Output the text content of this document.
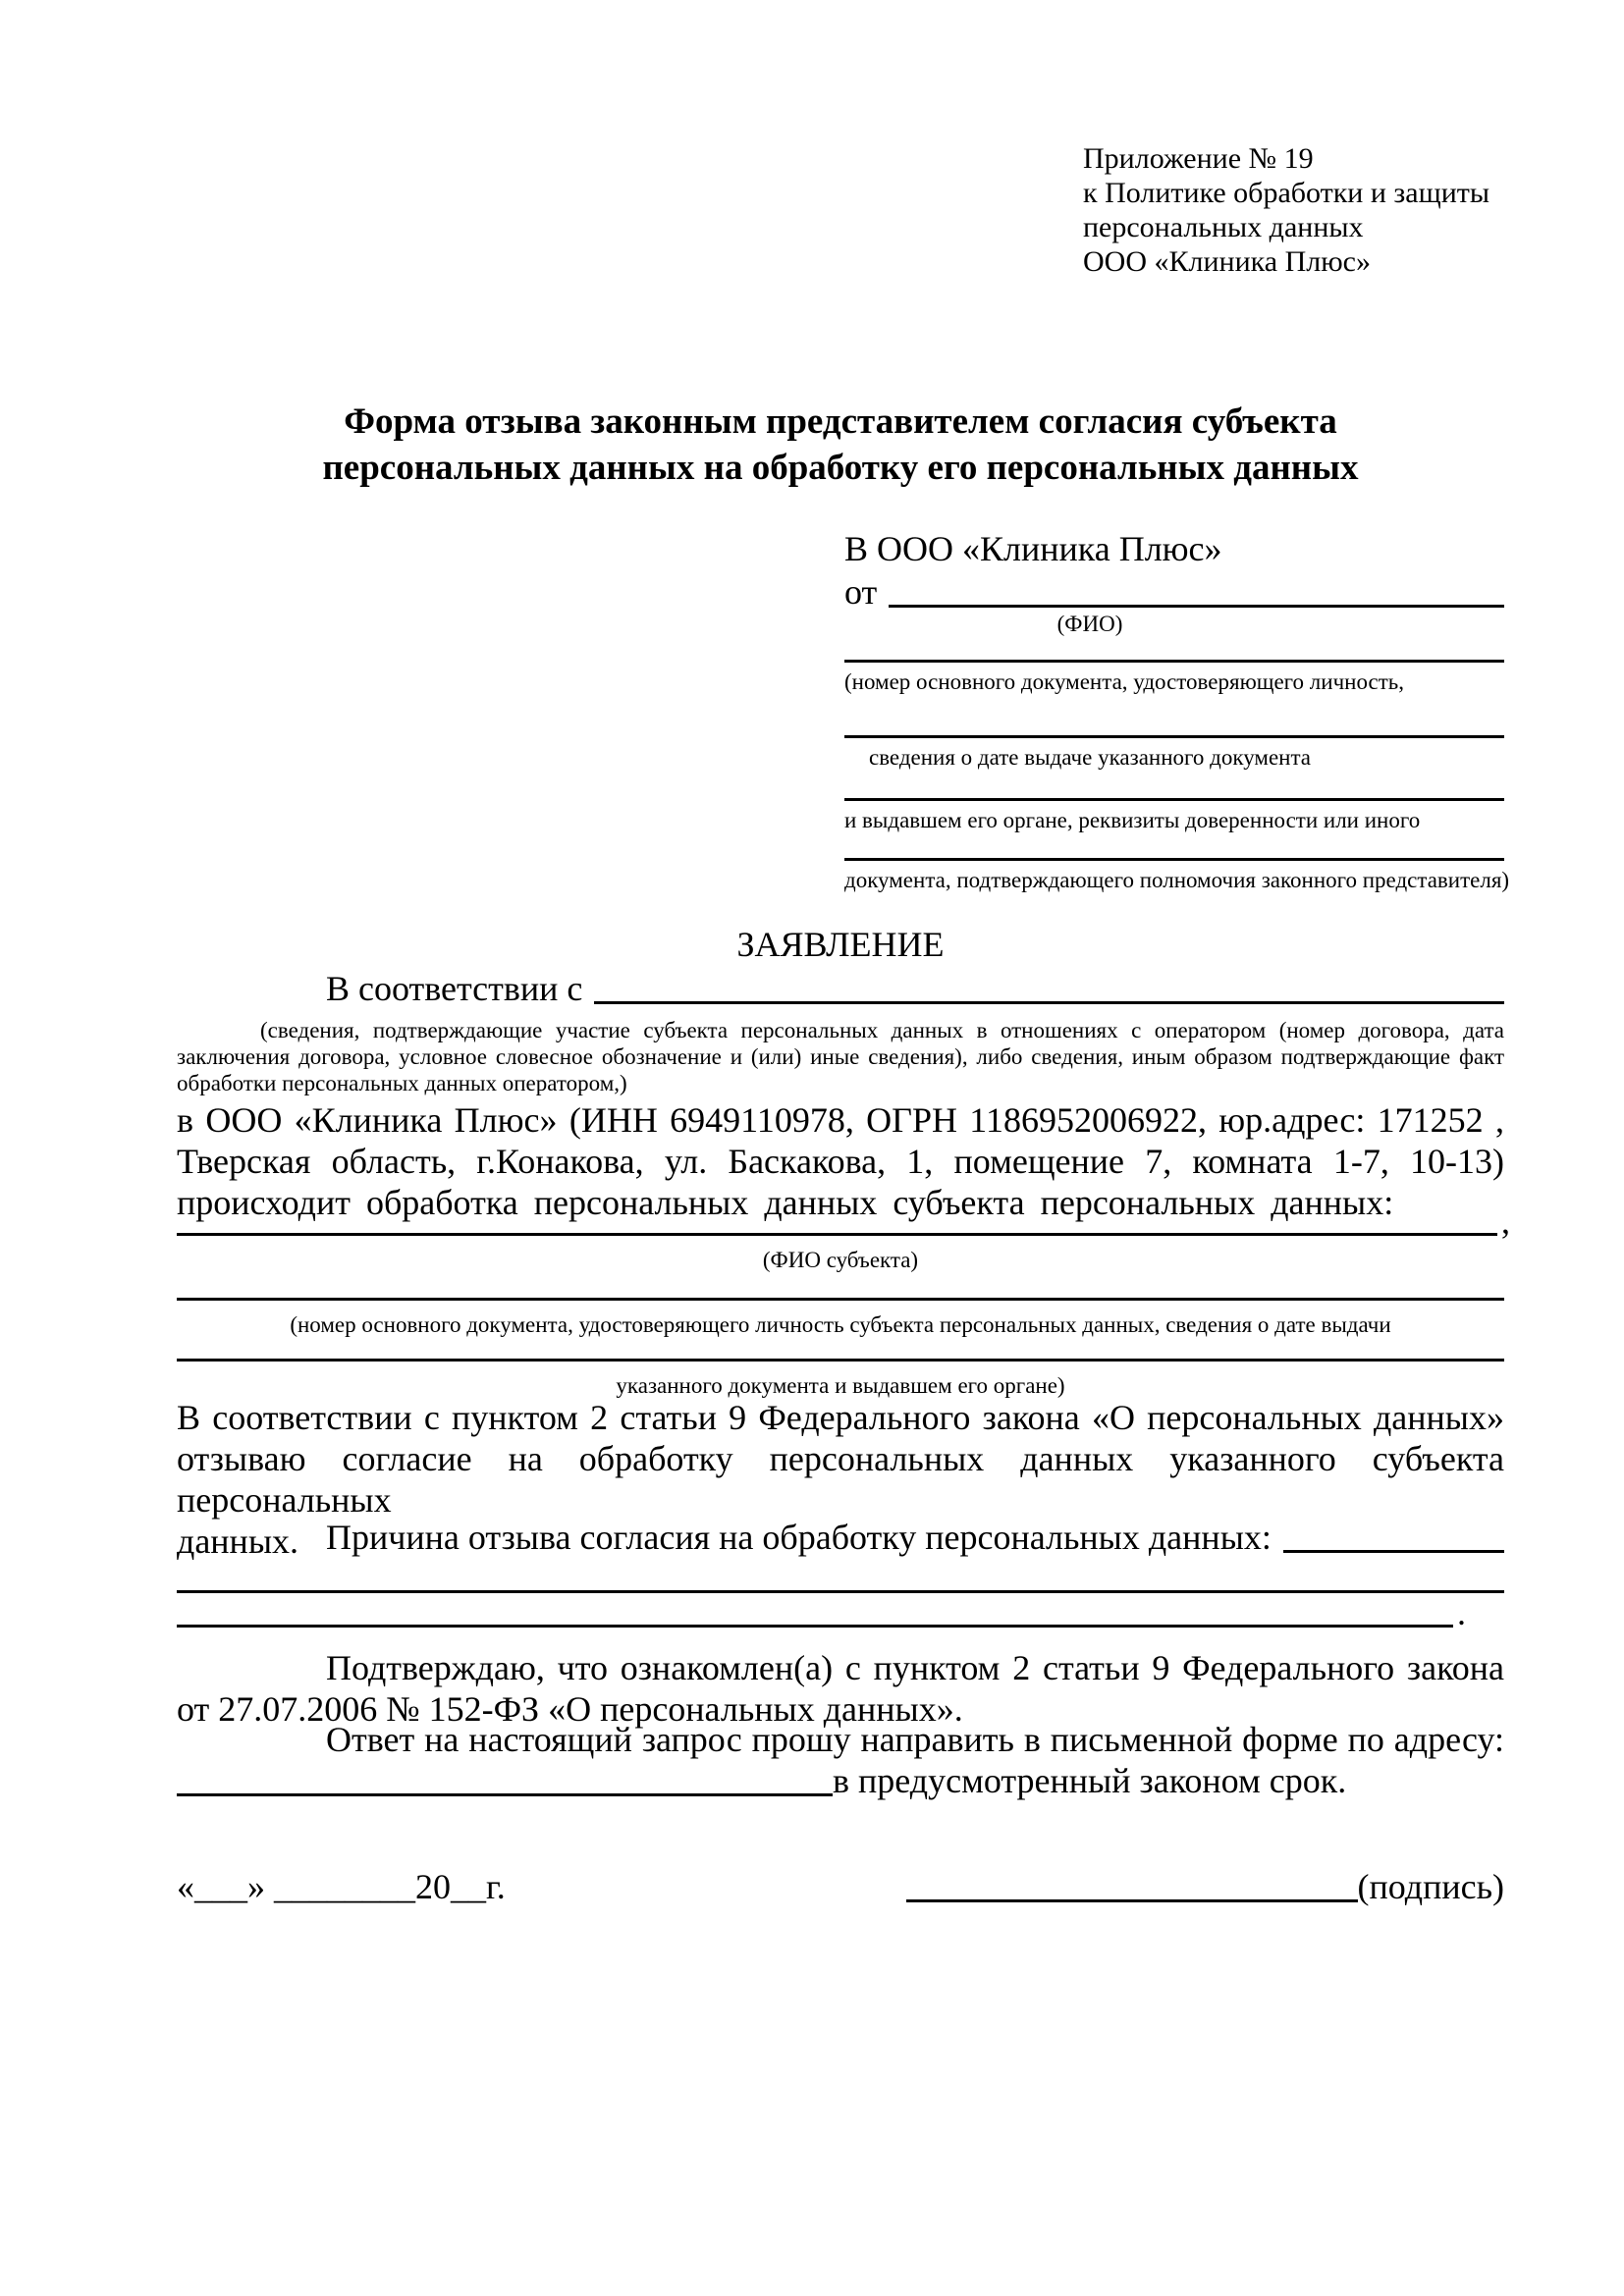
Приложение № 19
к Политике обработки и защиты
персональных данных
ООО «Клиника Плюс»
Форма отзыва законным представителем согласия субъекта
персональных данных на обработку его персональных данных
В ООО «Клиника Плюс»
от
(ФИО)
(номер основного документа, удостоверяющего личность,
сведения о дате выдаче указанного документа
и выдавшем его органе, реквизиты доверенности или иного
документа, подтверждающего полномочия законного представителя)
ЗАЯВЛЕНИЕ
В соответствии с
(сведения, подтверждающие участие субъекта персональных данных в отношениях с оператором (номер договора, дата
заключения договора, условное словесное обозначение и (или) иные сведения), либо сведения, иным образом подтверждающие факт
обработки персональных данных оператором,)
в ООО «Клиника Плюс» (ИНН 6949110978, ОГРН 1186952006922, юр.адрес: 171252 ,
Тверская область, г.Конакова, ул. Баскакова, 1, помещение 7, комната 1-7, 10-13)
происходит обработка персональных данных субъекта персональных данных:	,
(ФИО субъекта)
(номер основного документа, удостоверяющего личность субъекта персональных данных, сведения о дате выдачи
указанного документа и выдавшем его органе)
В соответствии с пунктом 2 статьи 9 Федерального закона «О персональных данных»
отзываю согласие на обработку персональных данных указанного субъекта персональных
данных. Причина отзыва согласия на обработку персональных данных:
.
Подтверждаю, что ознакомлен(а) с пунктом 2 статьи 9 Федерального закона
от 27.07.2006 № 152-ФЗ «О персональных данных».
Ответ на настоящий запрос прошу направить в письменной форме по адресу:
в предусмотренный законом срок.
«___» ________20__г.	(подпись)
